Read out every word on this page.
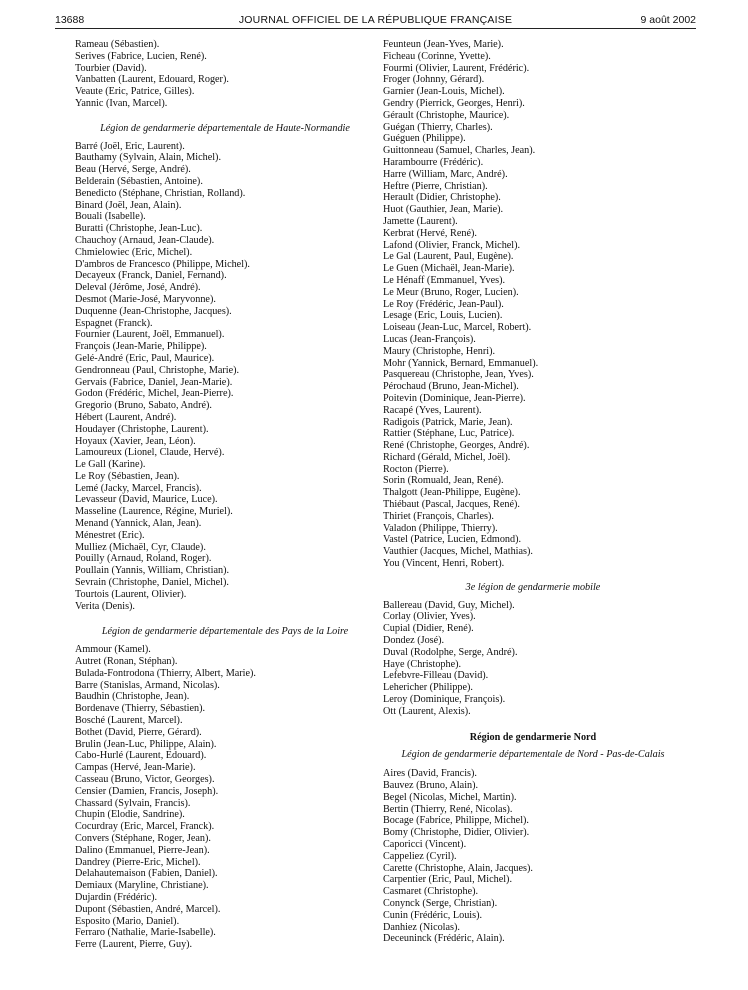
13688	JOURNAL OFFICIEL DE LA RÉPUBLIQUE FRANÇAISE	9 août 2002
Rameau (Sébastien).
Serives (Fabrice, Lucien, René).
Tourbier (David).
Vanbatten (Laurent, Edouard, Roger).
Veaute (Eric, Patrice, Gilles).
Yannic (Ivan, Marcel).
Légion de gendarmerie départementale de Haute-Normandie
Barré (Joël, Eric, Laurent).
Bauthamy (Sylvain, Alain, Michel).
Beau (Hervé, Serge, André).
Belderain (Sébastien, Antoine).
Benedicto (Stéphane, Christian, Rolland).
Binard (Joël, Jean, Alain).
Bouali (Isabelle).
Buratti (Christophe, Jean-Luc).
Chauchoy (Arnaud, Jean-Claude).
Chmielowiec (Eric, Michel).
D'ambros de Francesco (Philippe, Michel).
Decayeux (Franck, Daniel, Fernand).
Deleval (Jérôme, José, André).
Desmot (Marie-José, Maryvonne).
Duquenne (Jean-Christophe, Jacques).
Espagnet (Franck).
Fournier (Laurent, Joël, Emmanuel).
François (Jean-Marie, Philippe).
Gelé-André (Eric, Paul, Maurice).
Gendronneau (Paul, Christophe, Marie).
Gervais (Fabrice, Daniel, Jean-Marie).
Godon (Frédéric, Michel, Jean-Pierre).
Gregorio (Bruno, Sabato, André).
Hébert (Laurent, André).
Houdayer (Christophe, Laurent).
Hoyaux (Xavier, Jean, Léon).
Lamoureux (Lionel, Claude, Hervé).
Le Gall (Karine).
Le Roy (Sébastien, Jean).
Lemé (Jacky, Marcel, Francis).
Levasseur (David, Maurice, Luce).
Masseline (Laurence, Régine, Muriel).
Menand (Yannick, Alan, Jean).
Ménestret (Eric).
Mulliez (Michaël, Cyr, Claude).
Pouilly (Arnaud, Roland, Roger).
Poullain (Yannis, William, Christian).
Sevrain (Christophe, Daniel, Michel).
Tourtois (Laurent, Olivier).
Verita (Denis).
Légion de gendarmerie départementale des Pays de la Loire
Ammour (Kamel).
Autret (Ronan, Stéphan).
Bulada-Fontrodona (Thierry, Albert, Marie).
Barre (Stanislas, Armand, Nicolas).
Baudhin (Christophe, Jean).
Bordenave (Thierry, Sébastien).
Bosché (Laurent, Marcel).
Bothet (David, Pierre, Gérard).
Brulin (Jean-Luc, Philippe, Alain).
Cabo-Hurlé (Laurent, Edouard).
Campas (Hervé, Jean-Marie).
Casseau (Bruno, Victor, Georges).
Censier (Damien, Francis, Joseph).
Chassard (Sylvain, Francis).
Chupin (Elodie, Sandrine).
Cocurdray (Eric, Marcel, Franck).
Convers (Stéphane, Roger, Jean).
Dalino (Emmanuel, Pierre-Jean).
Dandrey (Pierre-Eric, Michel).
Delahautemaison (Fabien, Daniel).
Demiaux (Maryline, Christiane).
Dujardin (Frédéric).
Dupont (Sébastien, André, Marcel).
Esposito (Mario, Daniel).
Ferraro (Nathalie, Marie-Isabelle).
Ferre (Laurent, Pierre, Guy).
Feunteun (Jean-Yves, Marie).
Ficheau (Corinne, Yvette).
Fourmi (Olivier, Laurent, Frédéric).
Froger (Johnny, Gérard).
Garnier (Jean-Louis, Michel).
Gendry (Pierrick, Georges, Henri).
Gérault (Christophe, Maurice).
Guégan (Thierry, Charles).
Guéguen (Philippe).
Guittonneau (Samuel, Charles, Jean).
Harambourre (Frédéric).
Harre (William, Marc, André).
Heftre (Pierre, Christian).
Herault (Didier, Christophe).
Huot (Gauthier, Jean, Marie).
Jamette (Laurent).
Kerbrat (Hervé, René).
Lafond (Olivier, Franck, Michel).
Le Gal (Laurent, Paul, Eugène).
Le Guen (Michaël, Jean-Marie).
Le Hénaff (Emmanuel, Yves).
Le Meur (Bruno, Roger, Lucien).
Le Roy (Frédéric, Jean-Paul).
Lesage (Eric, Louis, Lucien).
Loiseau (Jean-Luc, Marcel, Robert).
Lucas (Jean-François).
Maury (Christophe, Henri).
Mohr (Yannick, Bernard, Emmanuel).
Pasquereau (Christophe, Jean, Yves).
Pérochaud (Bruno, Jean-Michel).
Poitevin (Dominique, Jean-Pierre).
Racapé (Yves, Laurent).
Radigois (Patrick, Marie, Jean).
Rattier (Stéphane, Luc, Patrice).
René (Christophe, Georges, André).
Richard (Gérald, Michel, Joël).
Rocton (Pierre).
Sorin (Romuald, Jean, René).
Thalgott (Jean-Philippe, Eugène).
Thiébaut (Pascal, Jacques, René).
Thiriet (François, Charles).
Valadon (Philippe, Thierry).
Vastel (Patrice, Lucien, Edmond).
Vauthier (Jacques, Michel, Mathias).
You (Vincent, Henri, Robert).
3e légion de gendarmerie mobile
Ballereau (David, Guy, Michel).
Corlay (Olivier, Yves).
Cupial (Didier, René).
Dondez (José).
Duval (Rodolphe, Serge, André).
Haye (Christophe).
Lefebvre-Filleau (David).
Lehericher (Philippe).
Leroy (Dominique, François).
Ott (Laurent, Alexis).
Région de gendarmerie Nord
Légion de gendarmerie départementale de Nord - Pas-de-Calais
Aires (David, Francis).
Bauvez (Bruno, Alain).
Begel (Nicolas, Michel, Martin).
Bertin (Thierry, René, Nicolas).
Bocage (Fabrice, Philippe, Michel).
Bomy (Christophe, Didier, Olivier).
Caporicci (Vincent).
Cappeliez (Cyril).
Carette (Christophe, Alain, Jacques).
Carpentier (Eric, Paul, Michel).
Casmaret (Christophe).
Conynck (Serge, Christian).
Cunin (Frédéric, Louis).
Danhiez (Nicolas).
Deceuninck (Frédéric, Alain).
